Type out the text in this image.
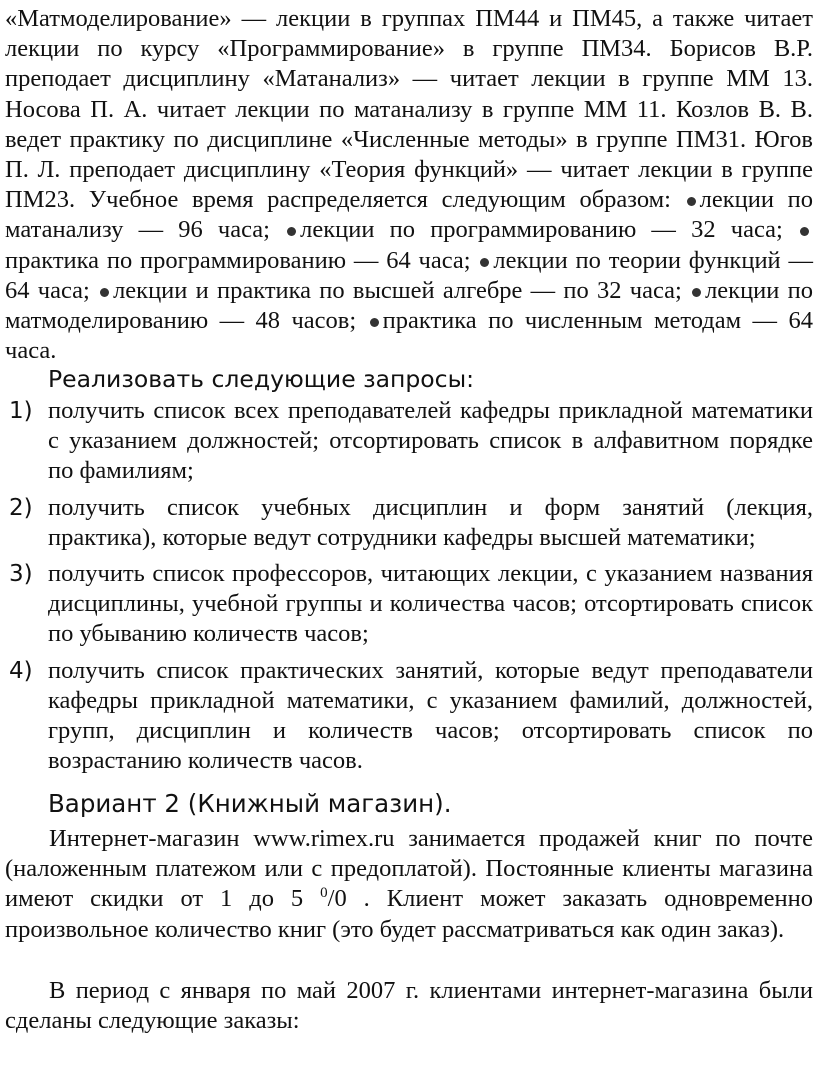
«Матмоделирование» — лекции в группах ПМ44 и ПМ45, а также читает лекции по курсу «Программирование» в группе ПМ34. Борисов В.Р. преподает дисциплину «Матанализ» — читает лекции в группе ММ 13. Носова П. А. читает лекции по матанализу в группе ММ 11. Козлов В. В. ведет практику по дисциплине «Численные методы» в группе ПМ31. Югов П. Л. преподает дисциплину «Теория функций» — читает лекции в группе ПМ23. Учебное время распределяется следующим образом: лекции по матанализу — 96 часа; лекции по программированию — 32 часа; практика по программированию — 64 часа; лекции по теории функций — 64 часа; лекции и практика по высшей алгебре — по 32 часа; лекции по матмоделированию — 48 часов; практика по численным методам — 64 часа.

Реализовать следующие запросы:

1) получить список всех преподавателей кафедры прикладной математики с указанием должностей; отсортировать список в алфавитном порядке по фамилиям;
2) получить список учебных дисциплин и форм занятий (лекция, практика), которые ведут сотрудники кафедры высшей математики;
3) получить список профессоров, читающих лекции, с указанием названия дисциплины, учебной группы и количества часов; отсортировать список по убыванию количеств часов;
4) получить список практических занятий, которые ведут преподаватели кафедры прикладной математики, с указанием фамилий, должностей, групп, дисциплин и количеств часов; отсортировать список по возрастанию количеств часов.

Вариант 2 (Книжный магазин).

Интернет-магазин www.rimex.ru занимается продажей книг по почте (наложенным платежом или с предоплатой). Постоянные клиенты магазина имеют скидки от 1 до 5 $^0$/0 . Клиент может заказать одновременно произвольное количество книг (это будет рассматриваться как один заказ).

В период с января по май 2007 г. клиентами интернет-магазина были сделаны следующие заказы:
